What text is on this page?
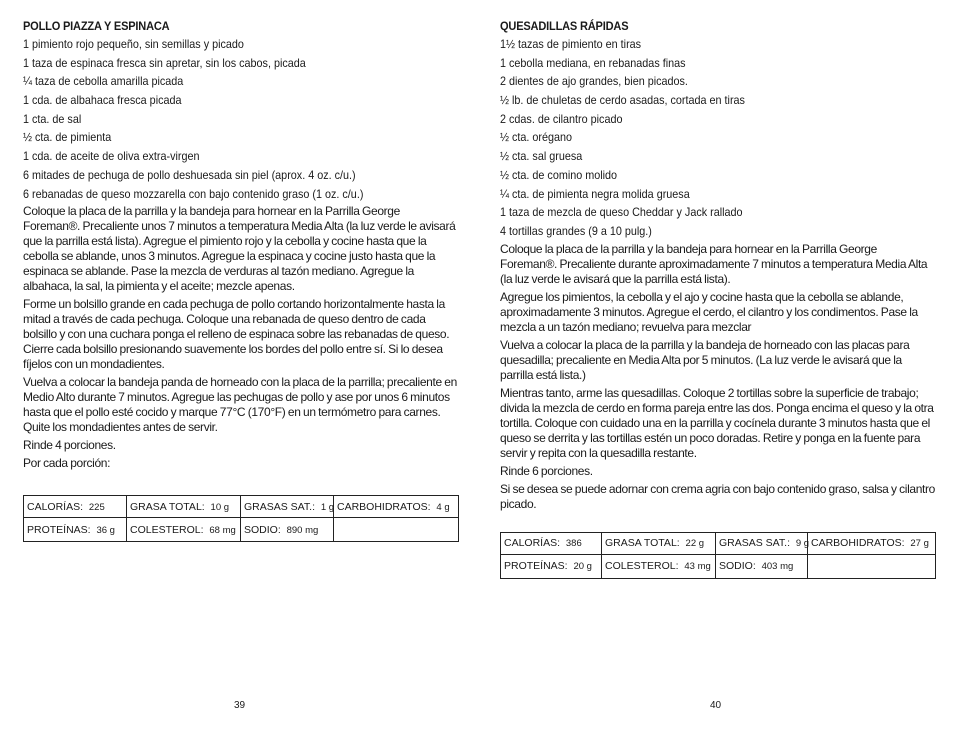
POLLO PIAZZA Y ESPINACA
1 pimiento rojo pequeño, sin semillas y picado
1 taza de espinaca fresca sin apretar, sin los cabos, picada
¼ taza de cebolla amarilla picada
1 cda. de albahaca fresca picada
1 cta. de sal
½ cta. de pimienta
1 cda. de aceite de oliva extra-virgen
6 mitades de pechuga de pollo deshuesada sin piel (aprox. 4 oz. c/u.)
6 rebanadas de queso mozzarella con bajo contenido graso (1 oz. c/u.)

Coloque la placa de la parrilla y la bandeja para hornear en la Parrilla George Foreman®. Precaliente unos 7 minutos a temperatura Media Alta (la luz verde le avisará que la parrilla está lista). Agregue el pimiento rojo y la cebolla y cocine hasta que la cebolla se ablande, unos 3 minutos. Agregue la espinaca y cocine justo hasta que la espinaca se ablande. Pase la mezcla de verduras al tazón mediano. Agregue la albahaca, la sal, la pimienta y el aceite; mezcle apenas.

Forme un bolsillo grande en cada pechuga de pollo cortando horizontalmente hasta la mitad a través de cada pechuga. Coloque una rebanada de queso dentro de cada bolsillo y con una cuchara ponga el relleno de espinaca sobre las rebanadas de queso. Cierre cada bolsillo presionando suavemente los bordes del pollo entre sí. Si lo desea fíjelos con un mondadientes.

Vuelva a colocar la bandeja panda de horneado con la placa de la parrilla; precaliente en Medio Alto durante 7 minutos. Agregue las pechugas de pollo y ase por unos 6 minutos hasta que el pollo esté cocido y marque 77°C (170°F) en un termómetro para carnes. Quite los mondadientes antes de servir.

Rinde 4 porciones.

Por cada porción:

CALORÍAS: 225	GRASA TOTAL: 10 g	GRASAS SAT.: 1 g	CARBOHIDRATOS: 4 g
PROTEÍNAS: 36 g	COLESTEROL: 68 mg	SODIO: 890 mg	
QUESADILLAS RÁPIDAS
1½ tazas de pimiento en tiras
1 cebolla mediana, en rebanadas finas
2 dientes de ajo grandes, bien picados.
½ lb. de chuletas de cerdo asadas, cortada en tiras
2 cdas. de cilantro picado
½ cta. orégano
½ cta. sal gruesa
½ cta. de comino molido
¼ cta. de pimienta negra molida gruesa
1 taza de mezcla de queso Cheddar y Jack rallado
4 tortillas grandes (9 a 10 pulg.)

Coloque la placa de la parrilla y la bandeja para hornear en la Parrilla George Foreman®. Precaliente durante aproximadamente 7 minutos a temperatura Media Alta (la luz verde le avisará que la parrilla está lista).

Agregue los pimientos, la cebolla y el ajo y cocine hasta que la cebolla se ablande, aproximadamente 3 minutos. Agregue el cerdo, el cilantro y los condimentos. Pase la mezcla a un tazón mediano; revuelva para mezclar

Vuelva a colocar la placa de la parrilla y la bandeja de horneado con las placas para quesadilla; precaliente en Media Alta por 5 minutos. (La luz verde le avisará que la parrilla está lista.)

Mientras tanto, arme las quesadillas. Coloque 2 tortillas sobre la superficie de trabajo; divida la mezcla de cerdo en forma pareja entre las dos. Ponga encima el queso y la otra tortilla. Coloque con cuidado una en la parrilla y cocínela durante 3 minutos hasta que el queso se derrita y las tortillas estén un poco doradas. Retire y ponga en la fuente para servir y repita con la quesadilla restante.

Rinde 6 porciones.

Si se desea se puede adornar con crema agria con bajo contenido graso, salsa y cilantro picado.

CALORÍAS: 386	GRASA TOTAL: 22 g	GRASAS SAT.: 9 g	CARBOHIDRATOS: 27 g
PROTEÍNAS: 20 g	COLESTEROL: 43 mg	SODIO: 403 mg	
39	40
